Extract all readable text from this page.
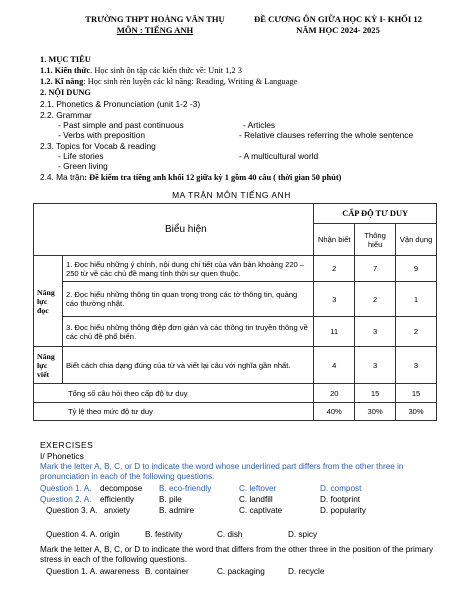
TRƯỜNG THPT HOÀNG VĂN THỤ
MÔN : TIẾNG ANH
ĐỀ CƯƠNG ÔN GIỮA HỌC KỲ I- KHỐI 12
NĂM HỌC 2024- 2025
1. MỤC TIÊU
1.1. Kiến thức. Học sinh ôn tập các kiến thức về: Unit 1,2 3
1.2. Kĩ năng: Học sinh rèn luyện các kĩ năng: Reading, Writing & Language
2. NỘI DUNG
2.1. Phonetics & Pronunciation (unit 1-2 -3)
2.2. Grammar
- Past simple and past continuous	- Articles
- Verbs with preposition	- Relative clauses referring the whole sentence
2.3. Topics for Vocab & reading
- Life stories	- A multicultural world
- Green living
2.4. Ma trận: Đề kiểm tra tiếng anh khối 12 giữa kỳ 1 gồm 40 câu ( thời gian 50 phút)
MA TRẬN MÔN TIẾNG ANH
Biểu hiện		CẤP ĐỘ TƯ DUY		
		Nhận biết	Thông hiểu	Vận dụng
Năng lực đọc	1. Đọc hiểu những ý chính, nội dung chi tiết của văn bản khoảng 220 – 250 từ về các chủ đề mang tính thời sự quen thuộc.	2	7	9
	2. Đọc hiểu những thông tin quan trọng trong các tờ thông tin, quảng cáo thường nhật.	3	2	1
	3. Đọc hiểu những thông điệp đơn giản và các thông tin truyền thông về các chủ đề phổ biến.	11	3	2
Năng lực viết	Biết cách chia dạng đúng của từ và viết lại câu với nghĩa gần nhất.	4	3	3
Tổng số câu hỏi theo cấp độ tư duy		20	15	15
Tỷ lệ theo mức độ tư duy		40%	30%	30%
EXERCISES
I/ Phonetics
Mark the letter A, B, C, or D to indicate the word whose underlined part differs from the other three in pronunciation in each of the following questions.
Question 1. A. decompose B. eco-friendly	C. leftover	D. compost
Question 2. A. efficiently	B. pile	C. landfill	D. footprint
Question 3. A. anxiety	B. admire	C. captivate	D. popularity
Question 4. A. origin	B. festivity	C. dish	D. spicy
Mark the letter A, B, C, or D to indicate the word that differs from the other three in the position of the primary stress in each of the following questions.
Question 1. A. awareness B. container	C. packaging	D. recycle
